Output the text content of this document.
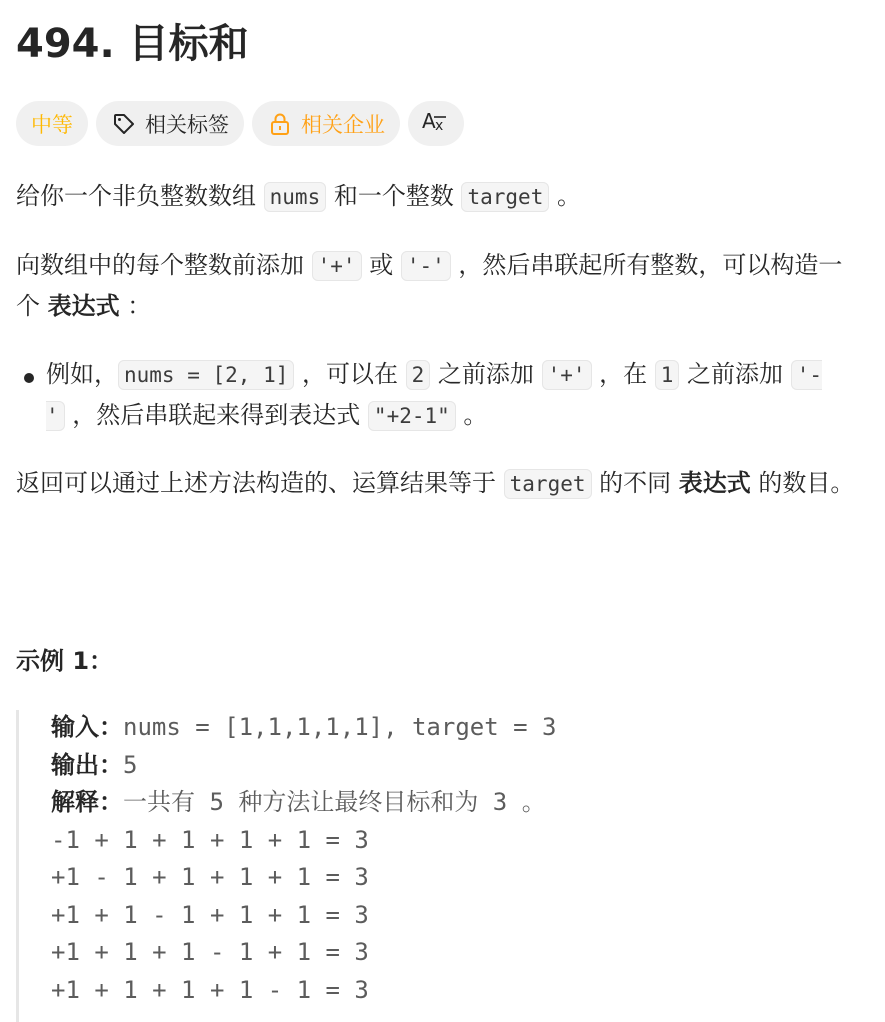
494. 目标和
中等	相关标签	相关企业 A x

给你一个非负整数数组 nums 和一个整数 target 。

向数组中的每个整数前添加 '+' 或 '-' ，然后串联起所有整数，可以构造一个 表达式 ：

例如， nums = [2, 1] ，可以在 2 之前添加 '+' ，在 1 之前添加 '-' ，然后串联起来得到表达式 "+2-1" 。

返回可以通过上述方法构造的、运算结果等于 target 的不同 表达式 的数目。

示例 1：

输入：nums = [1,1,1,1,1], target = 3

输出：5

解释：一共有 5 种方法让最终目标和为 3 。

-1 + 1 + 1 + 1 + 1 = 3

+1 - 1 + 1 + 1 + 1 = 3

+1 + 1 - 1 + 1 + 1 = 3

+1 + 1 + 1 - 1 + 1 = 3

+1 + 1 + 1 + 1 - 1 = 3
